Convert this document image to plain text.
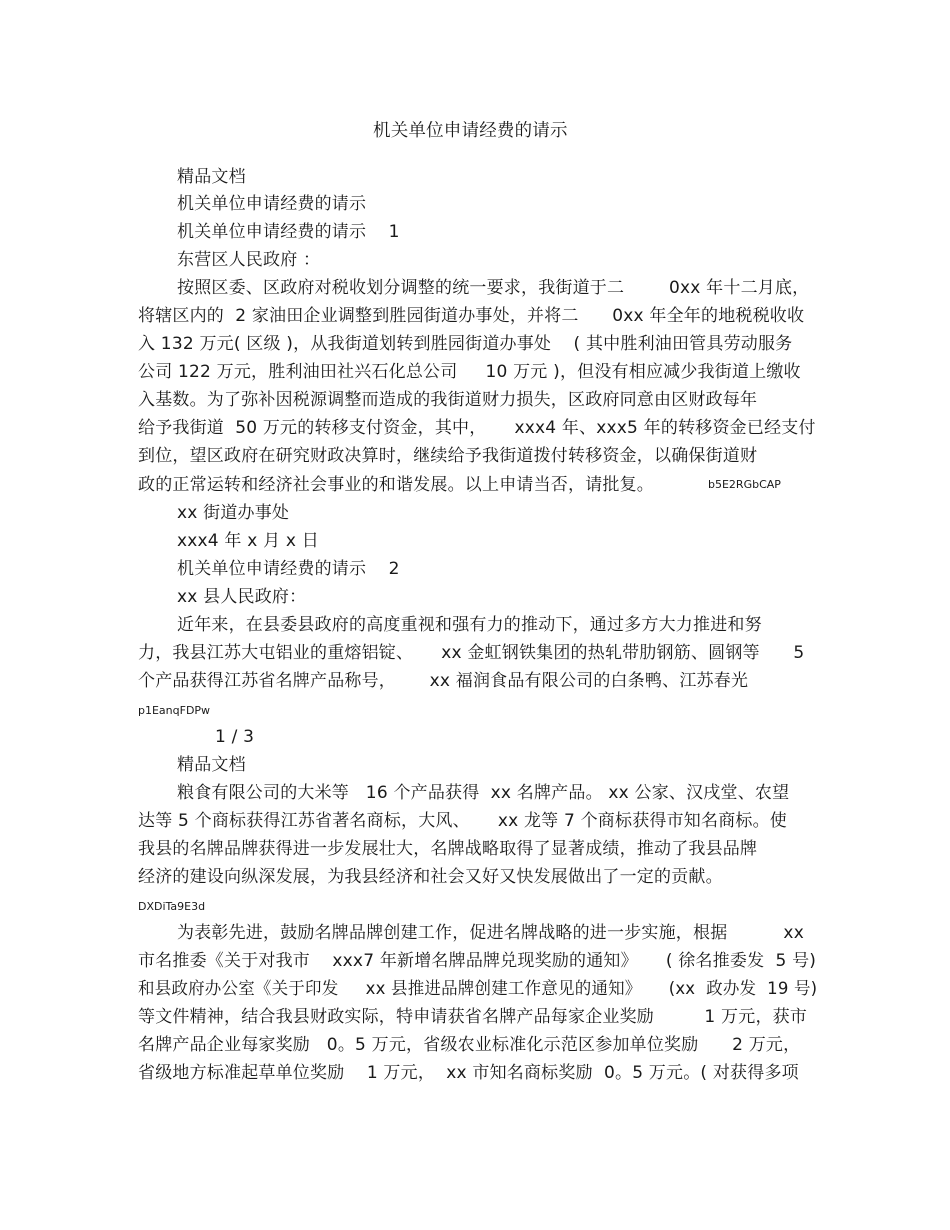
机关单位申请经费的请示
精品文档
机关单位申请经费的请示
机关单位申请经费的请示    1
东营区人民政府 ：
按照区委、区政府对税收划分调整的统一要求，我街道于二        0xx 年十二月底，
将辖区内的  2 家油田企业调整到胜园街道办事处，并将二      0xx 年全年的地税税收收
入 132 万元( 区级 )，从我街道划转到胜园街道办事处    ( 其中胜利油田管具劳动服务
公司 122 万元，胜利油田社兴石化总公司     10 万元 )，但没有相应减少我街道上缴收
入基数。为了弥补因税源调整而造成的我街道财力损失，区政府同意由区财政每年
给予我街道  50 万元的转移支付资金，其中，     xxx4 年、xxx5 年的转移资金已经支付
到位，望区政府在研究财政决算时，继续给予我街道拨付转移资金，以确保街道财
政的正常运转和经济社会事业的和谐发展。以上申请当否，请批复。	b5E2RGbCAP
xx 街道办事处
xxx4 年 x 月 x 日
机关单位申请经费的请示    2
xx 县人民政府：
近年来，在县委县政府的高度重视和强有力的推动下，通过多方大力推进和努
力，我县江苏大屯铝业的重熔铝锭、     xx 金虹钢铁集团的热轧带肋钢筋、圆钢等      5
个产品获得江苏省名牌产品称号，      xx 福润食品有限公司的白条鸭、江苏春光
p1EanqFDPw
1 / 3
精品文档
粮食有限公司的大米等   16 个产品获得  xx 名牌产品。 xx 公家、汉戌堂、农望
达等 5 个商标获得江苏省著名商标，大风、     xx 龙等 7 个商标获得市知名商标。使
我县的名牌品牌获得进一步发展壮大，名牌战略取得了显著成绩，推动了我县品牌
经济的建设向纵深发展，为我县经济和社会又好又快发展做出了一定的贡献。
DXDiTa9E3d
为表彰先进，鼓励名牌品牌创建工作，促进名牌战略的进一步实施，根据          xx
市名推委《关于对我市    xxx7 年新增名牌品牌兑现奖励的通知》     ( 徐名推委发  5 号)
和县政府办公室《关于印发     xx 县推进品牌创建工作意见的通知》     (xx  政办发  19 号)
等文件精神，结合我县财政实际，特申请获省名牌产品每家企业奖励         1 万元，获市
名牌产品企业每家奖励   0。5 万元，省级农业标准化示范区参加单位奖励      2 万元，
省级地方标准起草单位奖励    1 万元，  xx 市知名商标奖励  0。5 万元。( 对获得多项
